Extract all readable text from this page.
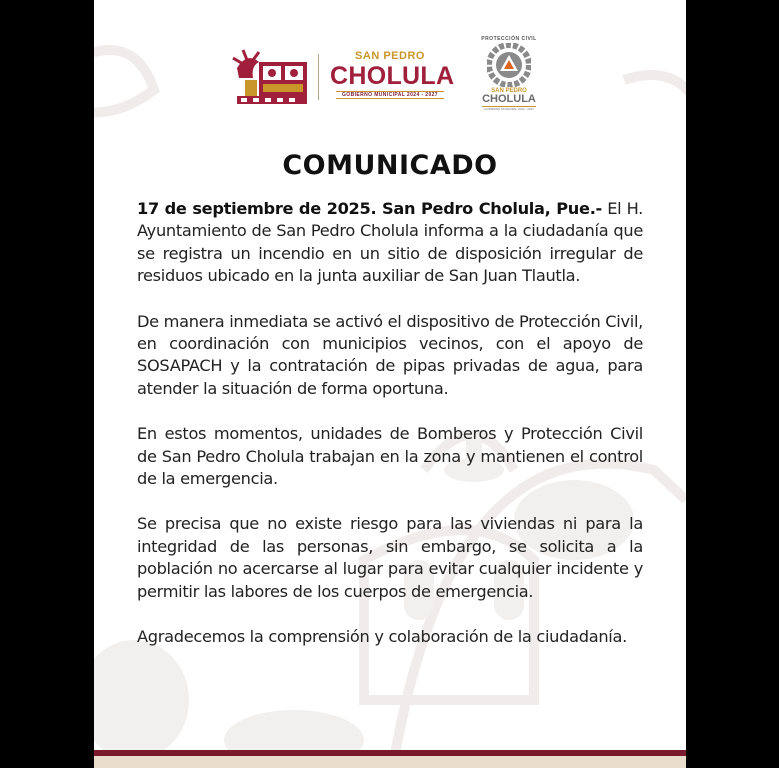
SAN PEDRO
CHOLULA
GOBIERNO MUNICIPAL 2024 - 2027
PROTECCIÓN CIVIL
SAN PEDRO
CHOLULA
GOBIERNO MUNICIPAL 2024 - 2027
COMUNICADO

17 de septiembre de 2025. San Pedro Cholula, Pue.- El H. Ayuntamiento de San Pedro Cholula informa a la ciudadanía que se registra un incendio en un sitio de disposición irregular de residuos ubicado en la junta auxiliar de San Juan Tlautla.

De manera inmediata se activó el dispositivo de Protección Civil, en coordinación con municipios vecinos, con el apoyo de SOSAPACH y la contratación de pipas privadas de agua, para atender la situación de forma oportuna.

En estos momentos, unidades de Bomberos y Protección Civil de San Pedro Cholula trabajan en la zona y mantienen el control de la emergencia.

Se precisa que no existe riesgo para las viviendas ni para la integridad de las personas, sin embargo, se solicita a la población no acercarse al lugar para evitar cualquier incidente y permitir las labores de los cuerpos de emergencia.

Agradecemos la comprensión y colaboración de la ciudadanía.
